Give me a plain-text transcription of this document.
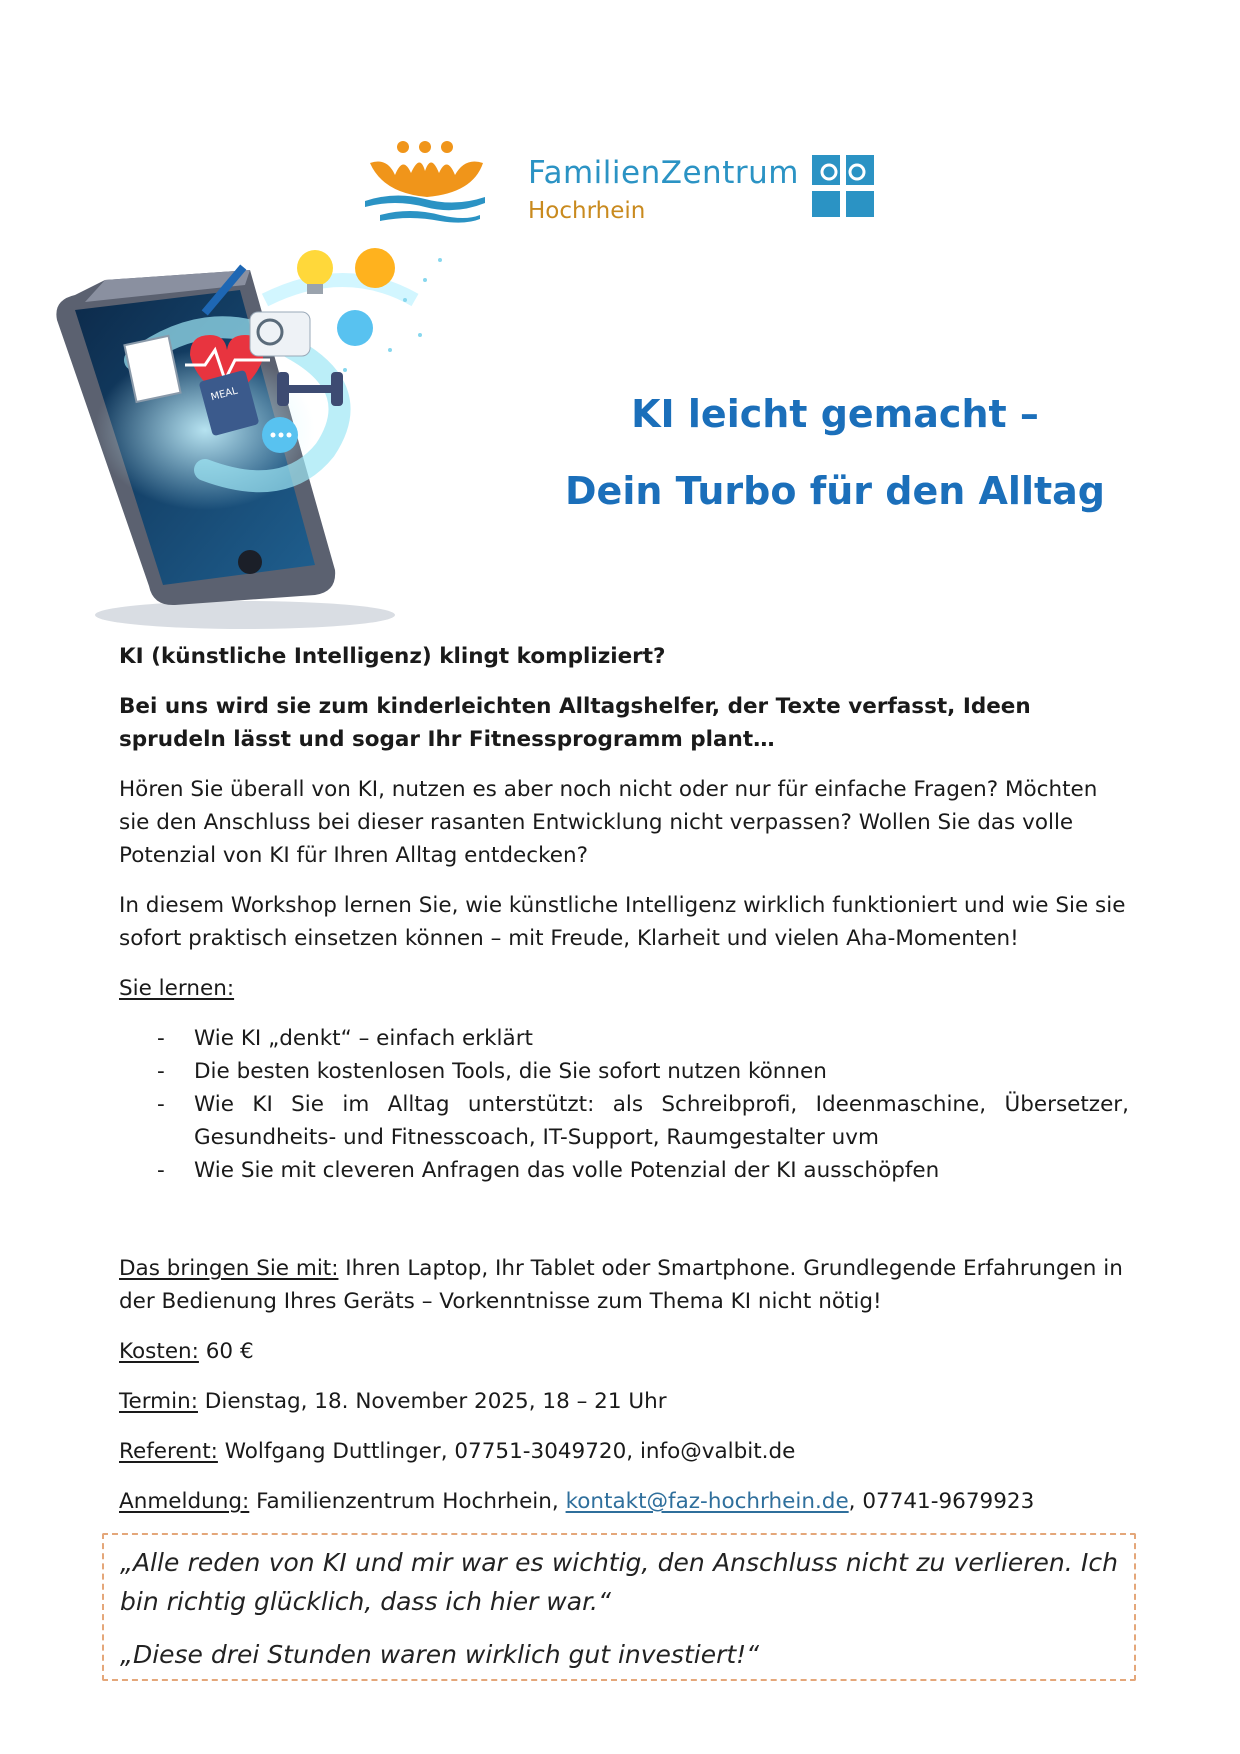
FamilienZentrum
Hochrhein
MEAL	KI leicht gemacht –
Dein Turbo für den Alltag

KI (künstliche Intelligenz) klingt kompliziert?

Bei uns wird sie zum kinderleichten Alltagshelfer, der Texte verfasst, Ideen sprudeln lässt und sogar Ihr Fitnessprogramm plant…

Hören Sie überall von KI, nutzen es aber noch nicht oder nur für einfache Fragen? Möchten sie den Anschluss bei dieser rasanten Entwicklung nicht verpassen? Wollen Sie das volle Potenzial von KI für Ihren Alltag entdecken?

In diesem Workshop lernen Sie, wie künstliche Intelligenz wirklich funktioniert und wie Sie sie sofort praktisch einsetzen können – mit Freude, Klarheit und vielen Aha-Momenten!

Sie lernen:

- Wie KI „denkt“ – einfach erklärt
- Die besten kostenlosen Tools, die Sie sofort nutzen können
- Wie KI Sie im Alltag unterstützt: als Schreibprofi, Ideenmaschine, Übersetzer, Gesundheits- und Fitnesscoach, IT-Support, Raumgestalter uvm
- Wie Sie mit cleveren Anfragen das volle Potenzial der KI ausschöpfen

Das bringen Sie mit: Ihren Laptop, Ihr Tablet oder Smartphone. Grundlegende Erfahrungen in der Bedienung Ihres Geräts – Vorkenntnisse zum Thema KI nicht nötig!

Kosten: 60 €

Termin: Dienstag, 18. November 2025, 18 – 21 Uhr

Referent: Wolfgang Duttlinger, 07751-3049720, info@valbit.de

Anmeldung: Familienzentrum Hochrhein, kontakt@faz-hochrhein.de, 07741-9679923

„Alle reden von KI und mir war es wichtig, den Anschluss nicht zu verlieren. Ich bin richtig glücklich, dass ich hier war.“

„Diese drei Stunden waren wirklich gut investiert!“
